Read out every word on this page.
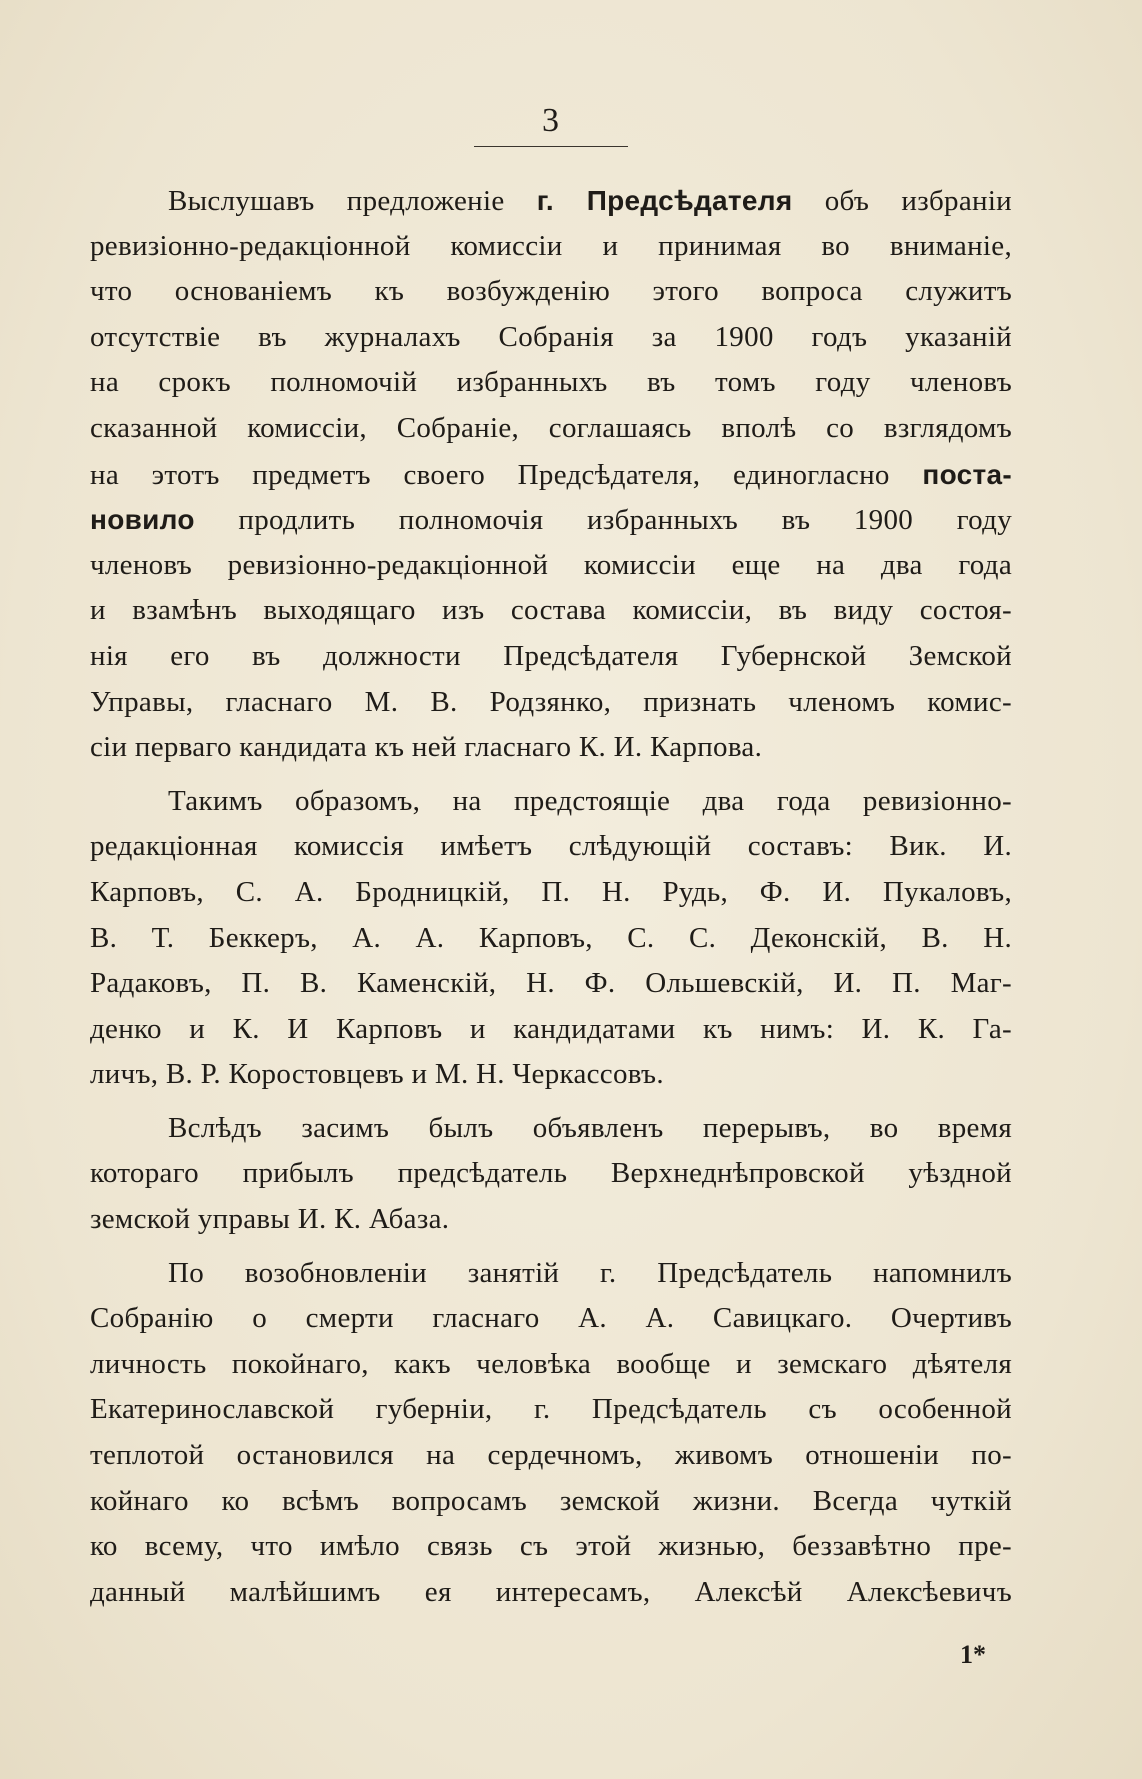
3
Выслушавъ предложеніе г. Предсѣдателя объ избраніи
ревизіонно-редакціонной комиссіи и принимая во вниманіе,
что основаніемъ къ возбужденію этого вопроса служитъ
отсутствіе въ журналахъ Собранія за 1900 годъ указаній
на срокъ полномочій избранныхъ въ томъ году членовъ
сказанной комиссіи, Собраніе, соглашаясь вполѣ со взглядомъ
на этотъ предметъ своего Предсѣдателя, единогласно поста-
новило продлить полномочія избранныхъ въ 1900 году
членовъ ревизіонно-редакціонной комиссіи еще на два года
и взамѣнъ выходящаго изъ состава комиссіи, въ виду состоя-
нія его въ должности Предсѣдателя Губернской Земской
Управы, гласнаго М. В. Родзянко, признать членомъ комис-
сіи перваго кандидата къ ней гласнаго К. И. Карпова.
Такимъ образомъ, на предстоящіе два года ревизіонно-
редакціонная комиссія имѣетъ слѣдующій составъ: Вик. И.
Карповъ, С. А. Бродницкій, П. Н. Рудь, Ф. И. Пукаловъ,
В. Т. Беккеръ, А. А. Карповъ, С. С. Деконскій, В. Н.
Радаковъ, П. В. Каменскій, Н. Ф. Ольшевскій, И. П. Маг-
денко и К. И Карповъ и кандидатами къ нимъ: И. К. Га-
личъ, В. Р. Коростовцевъ и М. Н. Черкассовъ.
Вслѣдъ засимъ былъ объявленъ перерывъ, во время
котораго прибылъ предсѣдатель Верхнеднѣпровской уѣздной
земской управы И. К. Абаза.
По возобновленіи занятій г. Предсѣдатель напомнилъ
Собранію о смерти гласнаго А. А. Савицкаго. Очертивъ
личность покойнаго, какъ человѣка вообще и земскаго дѣятеля
Екатеринославской губерніи, г. Предсѣдатель съ особенной
теплотой остановился на сердечномъ, живомъ отношеніи по-
койнаго ко всѣмъ вопросамъ земской жизни. Всегда чуткій
ко всему, что имѣло связь съ этой жизнью, беззавѣтно пре-
данный малѣйшимъ ея интересамъ, Алексѣй Алексѣевичъ
1*
